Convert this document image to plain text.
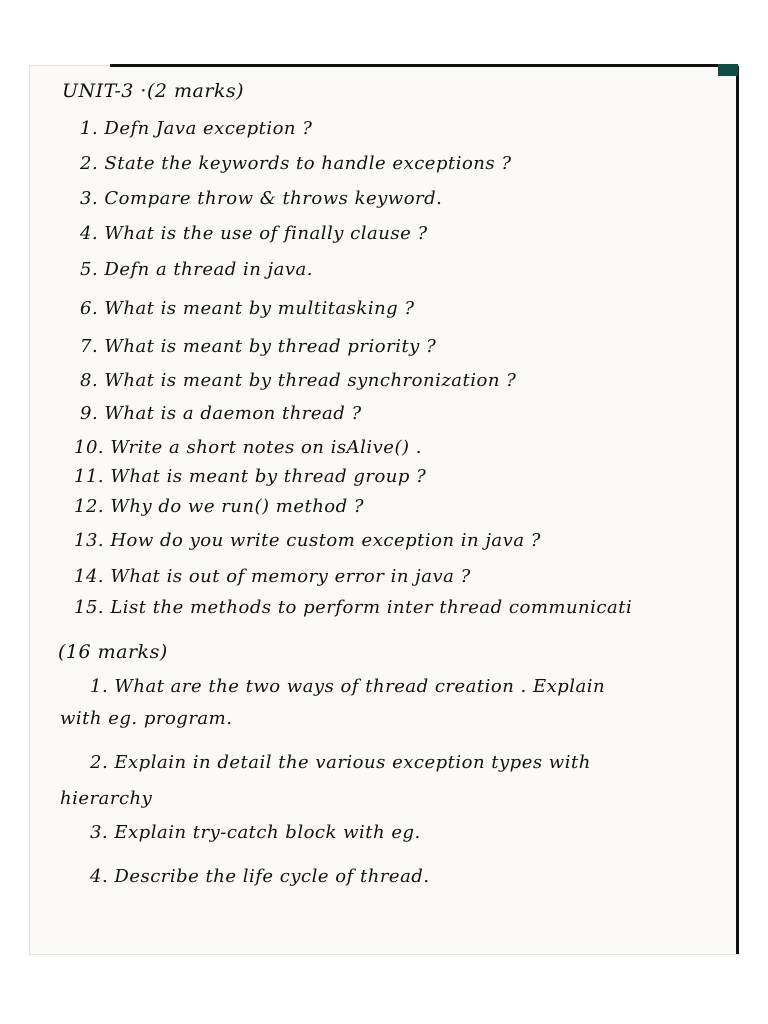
UNIT-3 ·(2 marks)
1. Defn Java exception ?
2. State the keywords to handle exceptions ?
3. Compare throw & throws keyword.
4. What is the use of finally clause ?
5. Defn a thread in java.
6. What is meant by multitasking ?
7. What is meant by thread priority ?
8. What is meant by thread synchronization ?
9. What is a daemon thread ?
10. Write a short notes on isAlive() .
11. What is meant by thread group ?
12. Why do we run() method ?
13. How do you write custom exception in java ?
14. What is out of memory error in java ?
15. List the methods to perform inter thread communicati
(16 marks)
1. What are the two ways of thread creation . Explain
with eg. program.
2. Explain in detail the various exception types with
hierarchy
3. Explain try-catch block with eg.
4. Describe the life cycle of thread.
